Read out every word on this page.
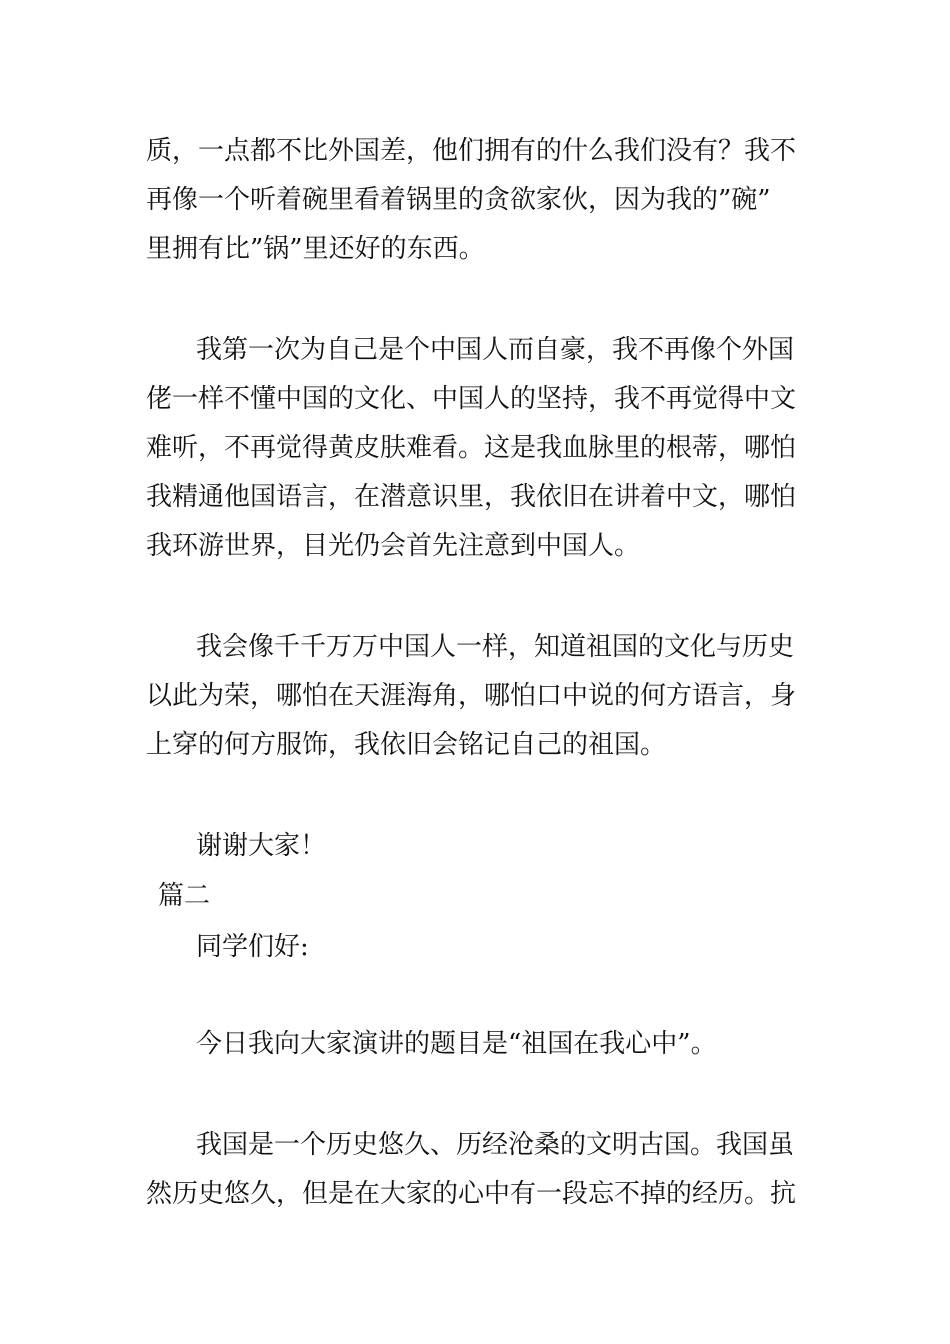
质，一点都不比外国差，他们拥有的什么我们没有？我不
再像一个听着碗里看着锅里的贪欲家伙，因为我的”碗”
里拥有比”锅”里还好的东西。
我第一次为自己是个中国人而自豪，我不再像个外国
佬一样不懂中国的文化、中国人的坚持，我不再觉得中文
难听，不再觉得黄皮肤难看。这是我血脉里的根蒂，哪怕
我精通他国语言，在潜意识里，我依旧在讲着中文，哪怕
我环游世界，目光仍会首先注意到中国人。
我会像千千万万中国人一样，知道祖国的文化与历史
以此为荣，哪怕在天涯海角，哪怕口中说的何方语言，身
上穿的何方服饰，我依旧会铭记自己的祖国。
谢谢大家！
篇二
同学们好:
今日我向大家演讲的题目是“祖国在我心中”。
我国是一个历史悠久、历经沧桑的文明古国。我国虽
然历史悠久，但是在大家的心中有一段忘不掉的经历。抗
